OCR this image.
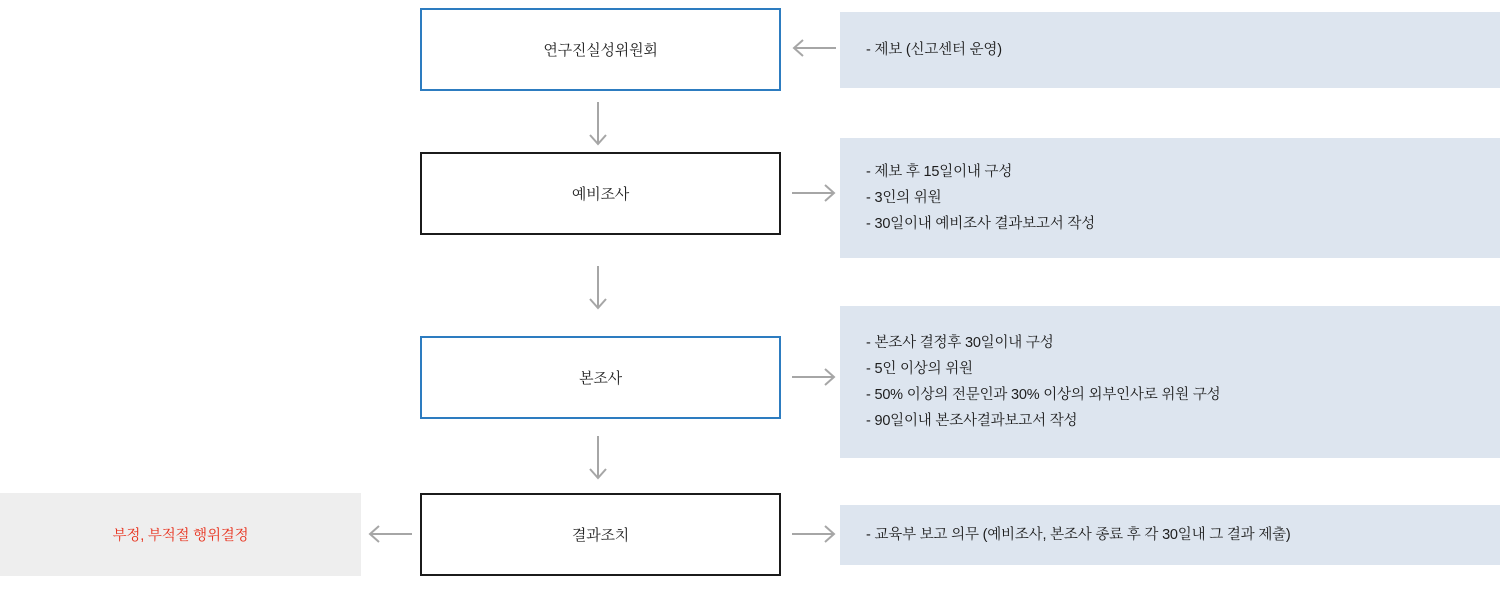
연구진실성위원회	- 제보 (신고센터 운영)
예비조사
- 제보 후 15일이내 구성
- 3인의 위원
- 30일이내 예비조사 결과보고서 작성
본조사
- 본조사 결정후 30일이내 구성
- 5인 이상의 위원
- 50% 이상의 전문인과 30% 이상의 외부인사로 위원 구성
- 90일이내 본조사결과보고서 작성
결과조치	- 교육부 보고 의무 (예비조사, 본조사 종료 후 각 30일내 그 결과 제출)
부정, 부적절 행위결정
